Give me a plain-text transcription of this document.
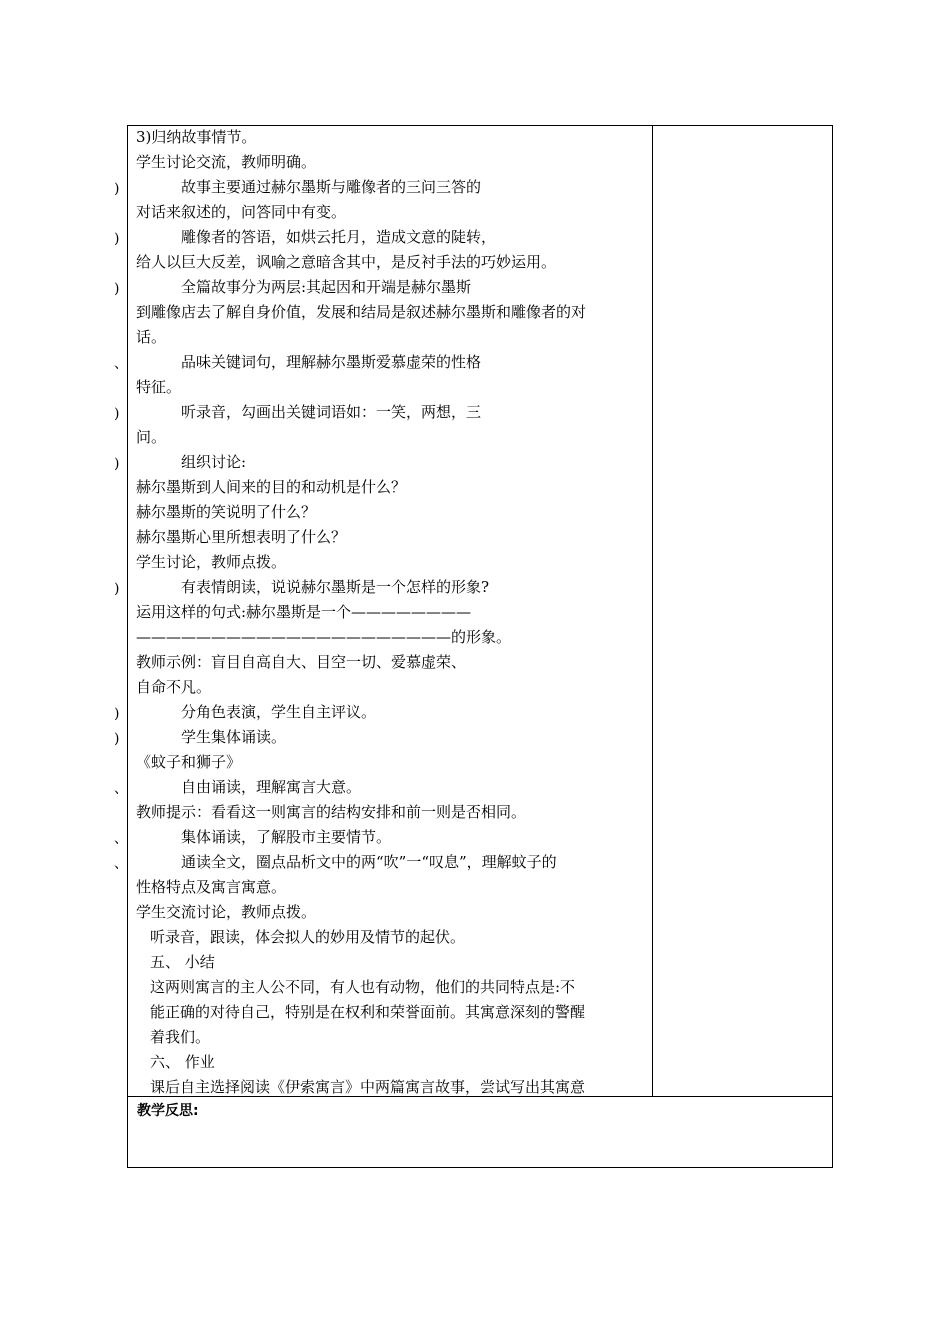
3)归纳故事情节。
学生讨论交流，教师明确。
故事主要通过赫尔墨斯与雕像者的三问三答的
对话来叙述的，问答同中有变。
雕像者的答语，如烘云托月，造成文意的陡转，
给人以巨大反差，讽喻之意暗含其中，是反衬手法的巧妙运用。
全篇故事分为两层:其起因和开端是赫尔墨斯
到雕像店去了解自身价值，发展和结局是叙述赫尔墨斯和雕像者的对
话。
品味关键词句，理解赫尔墨斯爱慕虚荣的性格
特征。
听录音，勾画出关键词语如：一笑，两想，三
问。
组织讨论:
赫尔墨斯到人间来的目的和动机是什么？
赫尔墨斯的笑说明了什么？
赫尔墨斯心里所想表明了什么？
学生讨论，教师点拨。
有表情朗读，说说赫尔墨斯是一个怎样的形象?
运用这样的句式:赫尔墨斯是一个————————
—————————————————————的形象。
教师示例：盲目自高自大、目空一切、爱慕虚荣、
自命不凡。
分角色表演，学生自主评议。
学生集体诵读。
《蚊子和狮子》
自由诵读，理解寓言大意。
教师提示：看看这一则寓言的结构安排和前一则是否相同。
集体诵读，了解股市主要情节。
通读全文，圈点品析文中的两“吹”一“叹息”，理解蚊子的
性格特点及寓言寓意。
学生交流讨论，教师点拨。
听录音，跟读，体会拟人的妙用及情节的起伏。
五、 小结
这两则寓言的主人公不同，有人也有动物，他们的共同特点是:不
能正确的对待自己，特别是在权利和荣誉面前。其寓意深刻的警醒
着我们。
六、 作业
课后自主选择阅读《伊索寓言》中两篇寓言故事，尝试写出其寓意
)
)
)
、
)
)
)
)
)
、
、
、
教学反思:
